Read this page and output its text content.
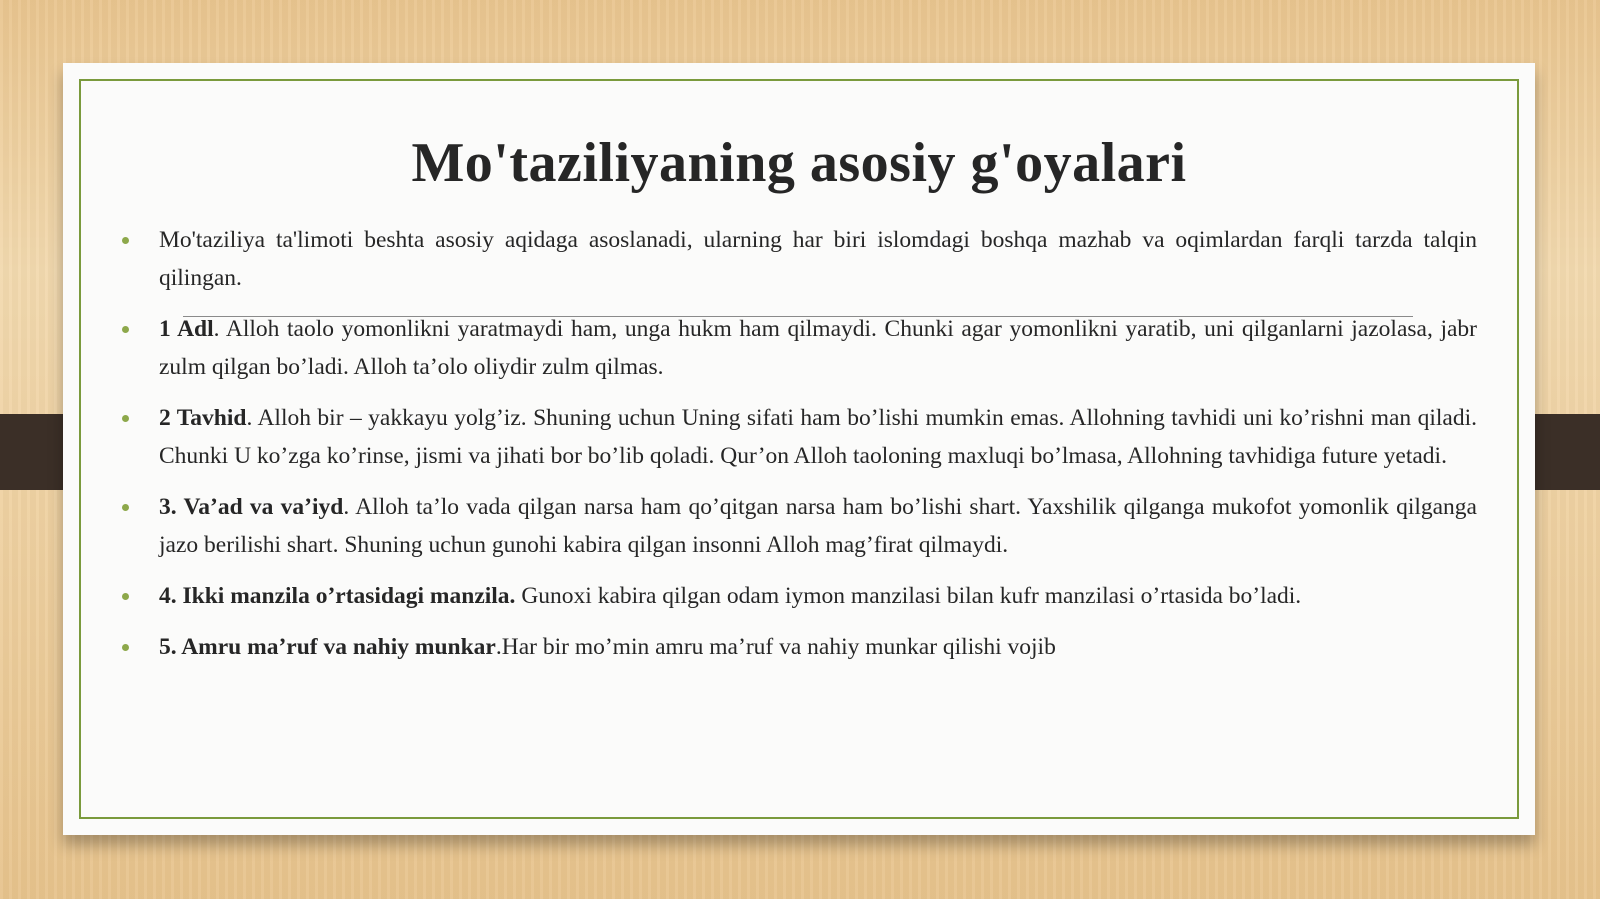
Mo'taziliyaning asosiy g'oyalari
Mo'taziliya ta'limoti beshta asosiy aqidaga asoslanadi, ularning har biri islomdagi boshqa mazhab va oqimlardan farqli tarzda talqin qilingan.
1 Adl. Alloh taolo yomonlikni yaratmaydi ham, unga hukm ham qilmaydi. Chunki agar yomonlikni yaratib, uni qilganlarni jazolasa, jabr zulm qilgan bo’ladi. Alloh ta’olo oliydir zulm qilmas.
2 Tavhid. Alloh bir – yakkayu yolg’iz. Shuning uchun Uning sifati ham bo’lishi mumkin emas. Allohning tavhidi uni ko’rishni man qiladi. Chunki U ko’zga ko’rinse, jismi va jihati bor bo’lib qoladi. Qur’on Alloh taoloning maxluqi bo’lmasa, Allohning tavhidiga future yetadi.
3. Va’ad va va’iyd. Alloh ta’lo vada qilgan narsa ham qo’qitgan narsa ham bo’lishi shart. Yaxshilik qilganga mukofot yomonlik qilganga jazo berilishi shart. Shuning uchun gunohi kabira qilgan insonni Alloh mag’firat qilmaydi.
4. Ikki manzila o’rtasidagi manzila. Gunoxi kabira qilgan odam iymon manzilasi bilan kufr manzilasi o’rtasida bo’ladi.
5. Amru ma’ruf va nahiy munkar.Har bir mo’min amru ma’ruf va nahiy munkar qilishi vojib
